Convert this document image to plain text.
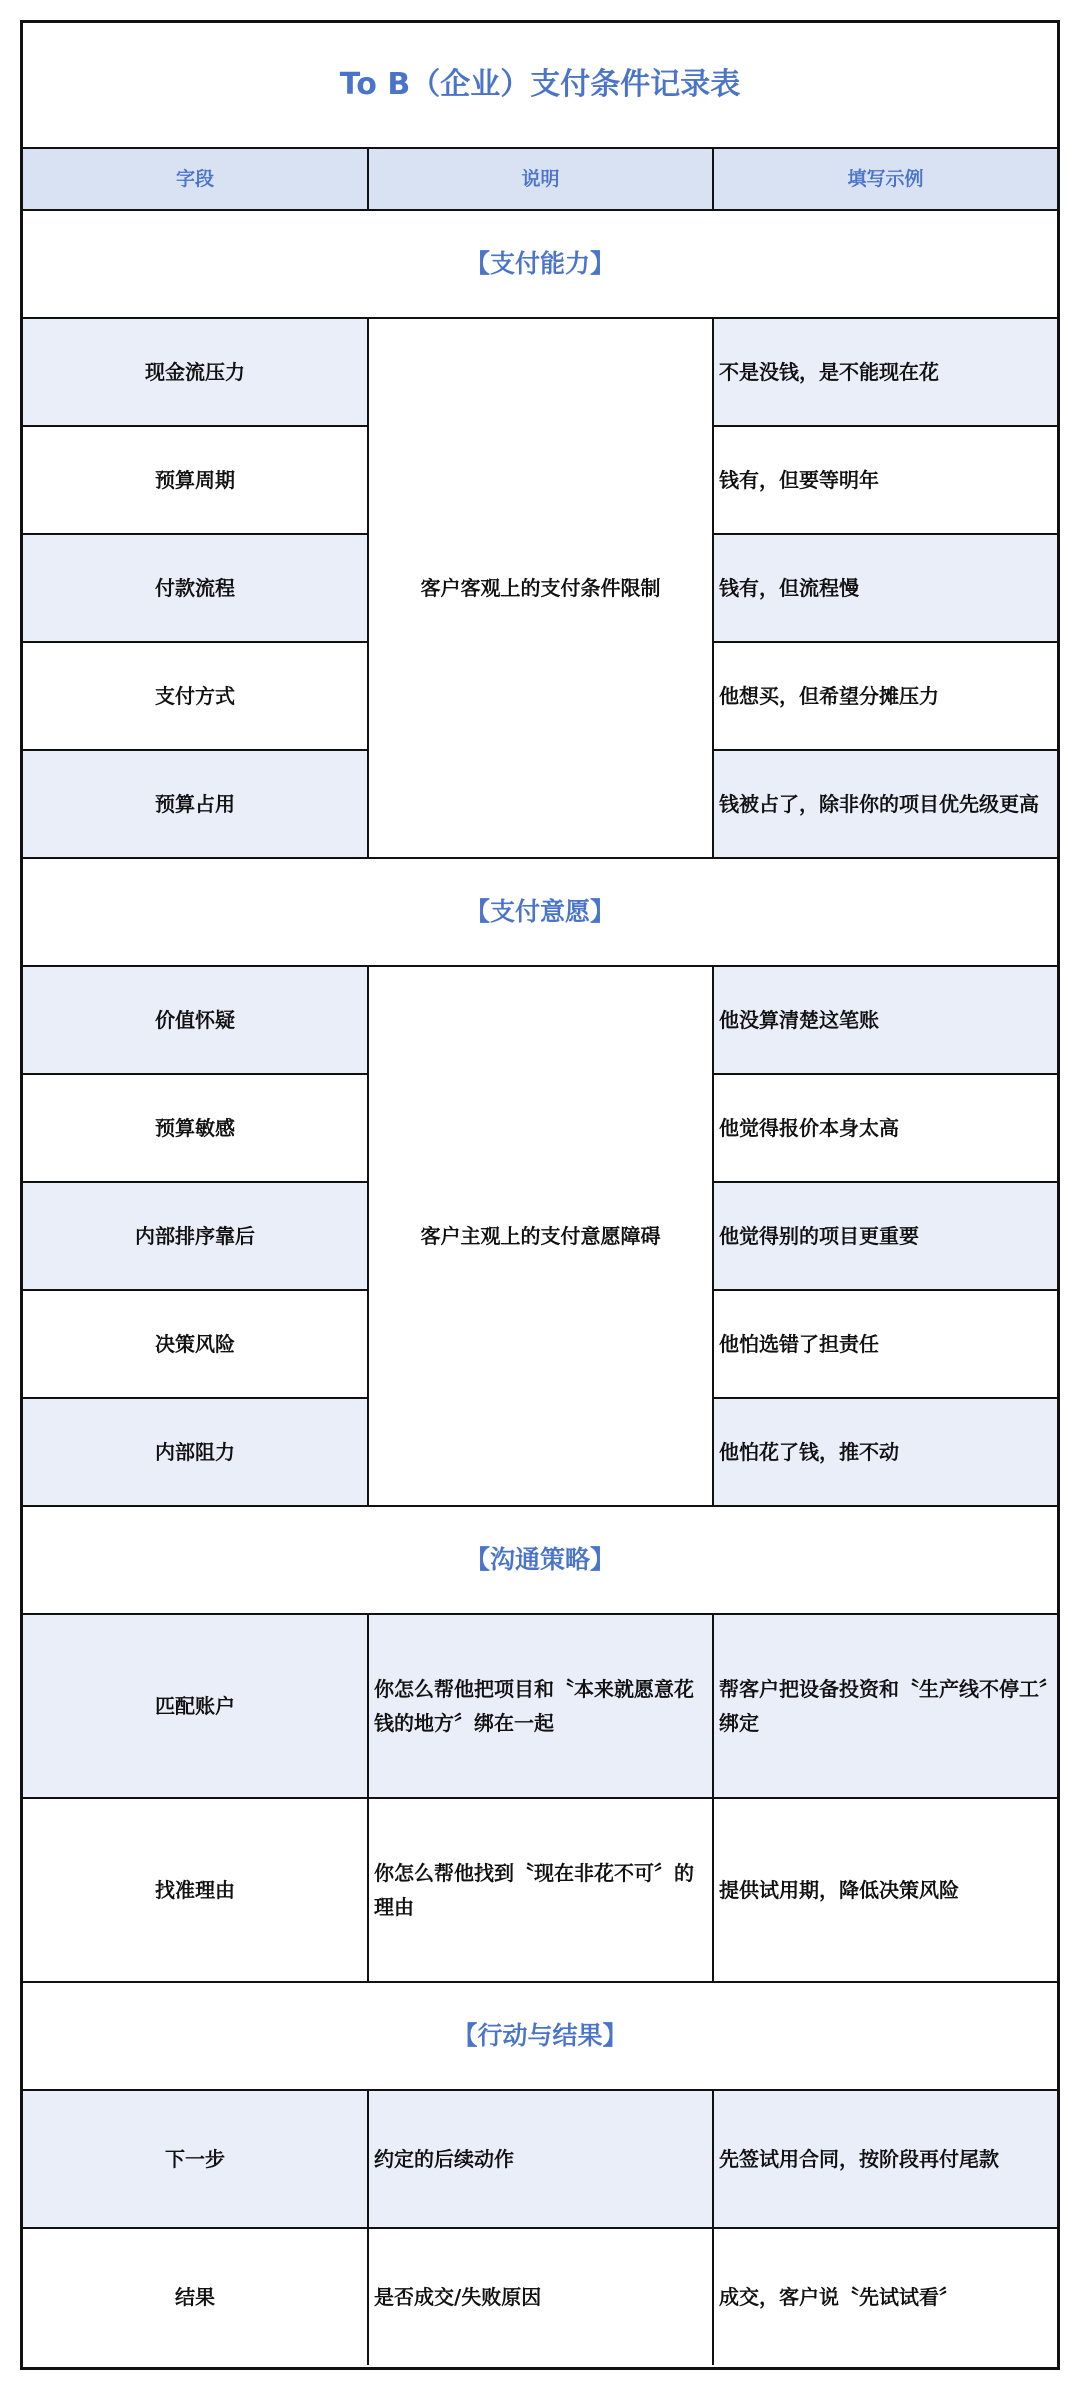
To B（企业）支付条件记录表		
字段	说明	填写示例
【支付能力】		
现金流压力	客户客观上的支付条件限制	不是没钱，是不能现在花
预算周期		钱有，但要等明年
付款流程		钱有，但流程慢
支付方式		他想买，但希望分摊压力
预算占用		钱被占了，除非你的项目优先级更高
【支付意愿】		
价值怀疑	客户主观上的支付意愿障碍	他没算清楚这笔账
预算敏感		他觉得报价本身太高
内部排序靠后		他觉得别的项目更重要
决策风险		他怕选错了担责任
内部阻力		他怕花了钱，推不动
【沟通策略】		
匹配账户	你怎么帮他把项目和〝本来就愿意花钱的地方〞绑在一起	帮客户把设备投资和〝生产线不停工〞绑定
找准理由	你怎么帮他找到〝现在非花不可〞的理由	提供试用期，降低决策风险
【行动与结果】		
下一步	约定的后续动作	先签试用合同，按阶段再付尾款
结果	是否成交/失败原因	成交，客户说〝先试试看〞
